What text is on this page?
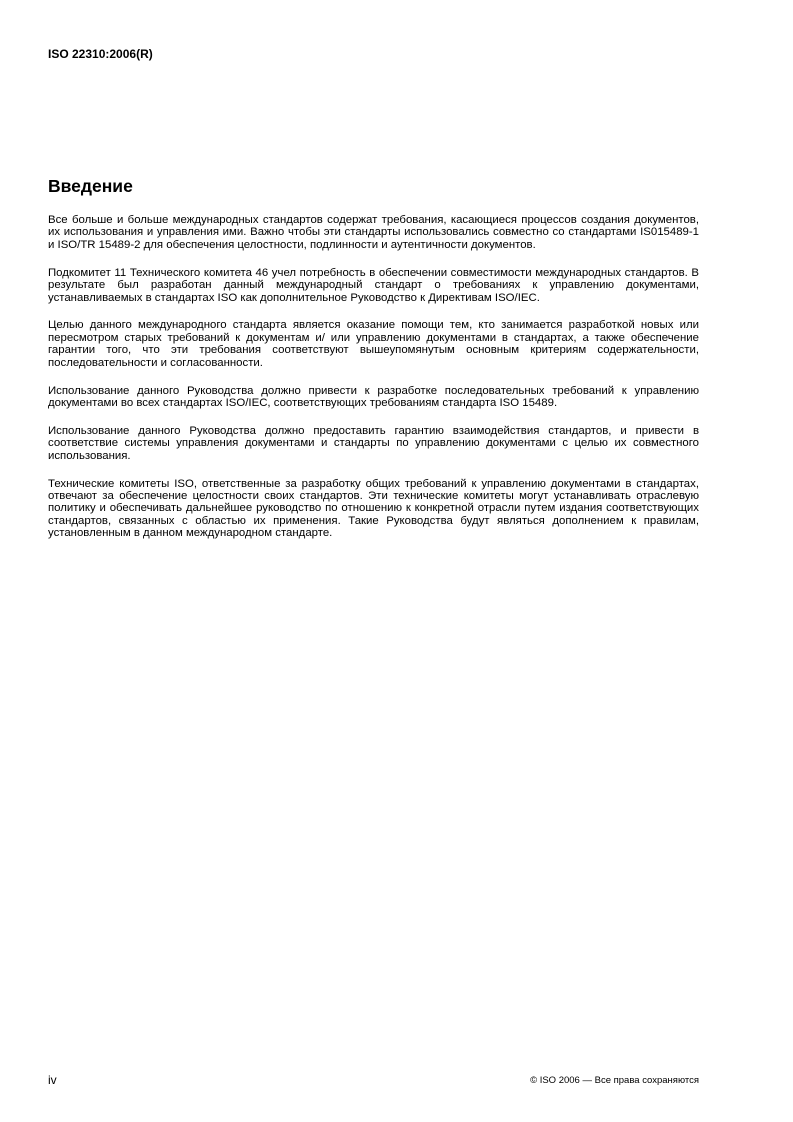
ISO 22310:2006(R)

Введение

Все больше и больше международных стандартов содержат требования, касающиеся процессов создания документов, их использования и управления ими. Важно чтобы эти стандарты использовались совместно со стандартами IS015489-1 и ISO/TR 15489-2 для обеспечения целостности, подлинности и аутентичности документов.

Подкомитет 11 Технического комитета 46 учел потребность в обеспечении совместимости международных стандартов. В результате был разработан данный международный стандарт о требованиях к управлению документами, устанавливаемых в стандартах ISO как дополнительное Руководство к Директивам ISO/IEC.

Целью данного международного стандарта является оказание помощи тем, кто занимается разработкой новых или пересмотром старых требований к документам и/ или управлению документами в стандартах, а также обеспечение гарантии того, что эти требования соответствуют вышеупомянутым основным критериям содержательности, последовательности и согласованности.

Использование данного Руководства должно привести к разработке последовательных требований к управлению документами во всех стандартах ISO/IEC, соответствующих требованиям стандарта ISO 15489.

Использование данного Руководства должно предоставить гарантию взаимодействия стандартов, и привести в соответствие системы управления документами и стандарты по управлению документами с целью их совместного использования.

Технические комитеты ISO, ответственные за разработку общих требований к управлению документами в стандартах, отвечают за обеспечение целостности своих стандартов. Эти технические комитеты могут устанавливать отраслевую политику и обеспечивать дальнейшее руководство по отношению к конкретной отрасли путем издания соответствующих стандартов, связанных с областью их применения. Такие Руководства будут являться дополнением к правилам, установленным в данном международном стандарте.

iv	© ISO 2006 — Все права сохраняются
